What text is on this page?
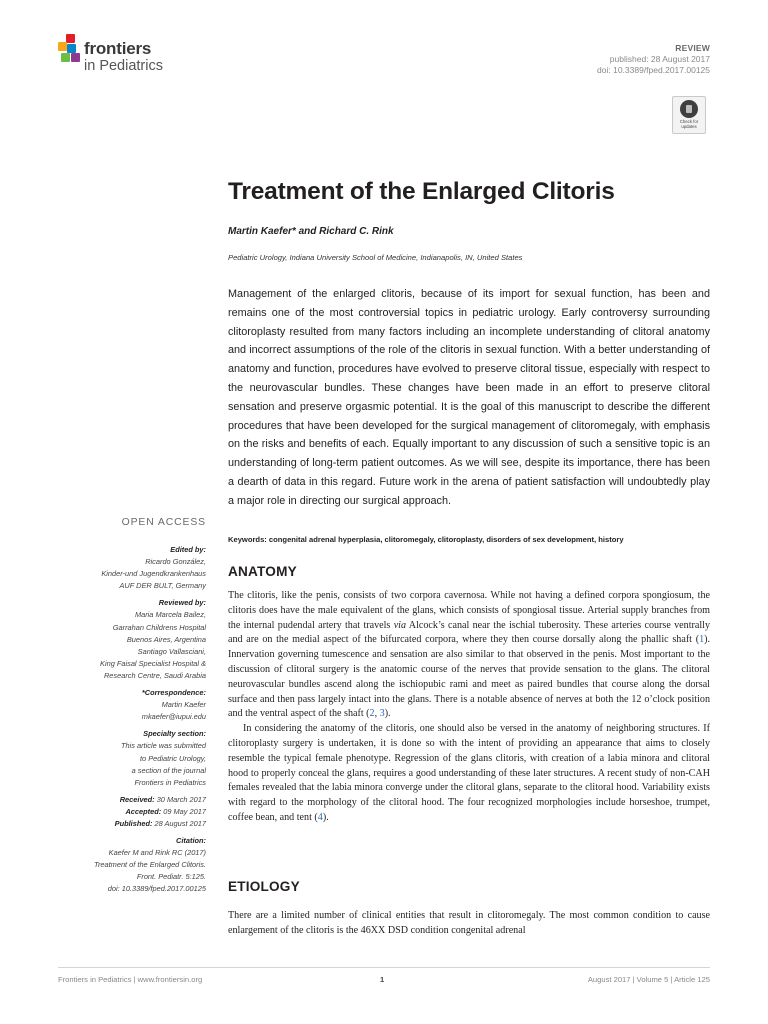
frontiers
in Pediatrics
REVIEW
published: 28 August 2017
doi: 10.3389/fped.2017.00125
Check for updates
Treatment of the Enlarged Clitoris
Martin Kaefer* and Richard C. Rink
Pediatric Urology, Indiana University School of Medicine, Indianapolis, IN, United States
Management of the enlarged clitoris, because of its import for sexual function, has been and remains one of the most controversial topics in pediatric urology. Early controversy surrounding clitoroplasty resulted from many factors including an incomplete understanding of clitoral anatomy and incorrect assumptions of the role of the clitoris in sexual function. With a better understanding of anatomy and function, procedures have evolved to preserve clitoral tissue, especially with respect to the neurovascular bundles. These changes have been made in an effort to preserve clitoral sensation and preserve orgasmic potential. It is the goal of this manuscript to describe the different procedures that have been developed for the surgical management of clitoromegaly, with emphasis on the risks and benefits of each. Equally important to any discussion of such a sensitive topic is an understanding of long-term patient outcomes. As we will see, despite its importance, there has been a dearth of data in this regard. Future work in the arena of patient satisfaction will undoubtedly play a major role in directing our surgical approach.
Keywords: congenital adrenal hyperplasia, clitoromegaly, clitoroplasty, disorders of sex development, history
ANATOMY

The clitoris, like the penis, consists of two corpora cavernosa. While not having a defined corpora spongiosum, the clitoris does have the male equivalent of the glans, which consists of spongiosal tissue. Arterial supply branches from the internal pudendal artery that travels via Alcock’s canal near the ischial tuberosity. These arteries course ventrally and are on the medial aspect of the bifurcated corpora, where they then course dorsally along the phallic shaft (1). Innervation governing tumescence and sensation are also similar to that observed in the penis. Most important to the discussion of clitoral surgery is the anatomic course of the nerves that provide sensation to the glans. The clitoral neurovascular bundles ascend along the ischiopubic rami and meet as paired bundles that course along the dorsal surface and then pass largely intact into the glans. There is a notable absence of nerves at both the 12 o’clock position and the ventral aspect of the shaft (2, 3).

In considering the anatomy of the clitoris, one should also be versed in the anatomy of neighboring structures. If clitoroplasty surgery is undertaken, it is done so with the intent of providing an appearance that aims to closely resemble the typical female phenotype. Regression of the glans clitoris, with creation of a labia minora and clitoral hood to properly conceal the glans, requires a good understanding of these later structures. A recent study of non-CAH females revealed that the labia minora converge under the clitoral glans, separate to the clitoral hood. Variability exists with regard to the morphology of the clitoral hood. The four recognized morphologies include horseshoe, trumpet, coffee bean, and tent (4).

ETIOLOGY

There are a limited number of clinical entities that result in clitoromegaly. The most common condition to cause enlargement of the clitoris is the 46XX DSD condition congenital adrenal

OPEN ACCESS
Edited by:
Ricardo González,
Kinder-und Jugendkrankenhaus
AUF DER BULT, Germany
Reviewed by:
Maria Marcela Bailez,
Garrahan Childrens Hospital
Buenos Aires, Argentina
Santiago Vallasciani,
King Faisal Specialist Hospital &
Research Centre, Saudi Arabia
*Correspondence:
Martin Kaefer
mkaefer@iupui.edu
Specialty section:
This article was submitted
to Pediatric Urology,
a section of the journal
Frontiers in Pediatrics
Received: 30 March 2017
Accepted: 09 May 2017
Published: 28 August 2017
Citation:
Kaefer M and Rink RC (2017)
Treatment of the Enlarged Clitoris.
Front. Pediatr. 5:125.
doi: 10.3389/fped.2017.00125
Frontiers in Pediatrics | www.frontiersin.org	1	August 2017 | Volume 5 | Article 125
